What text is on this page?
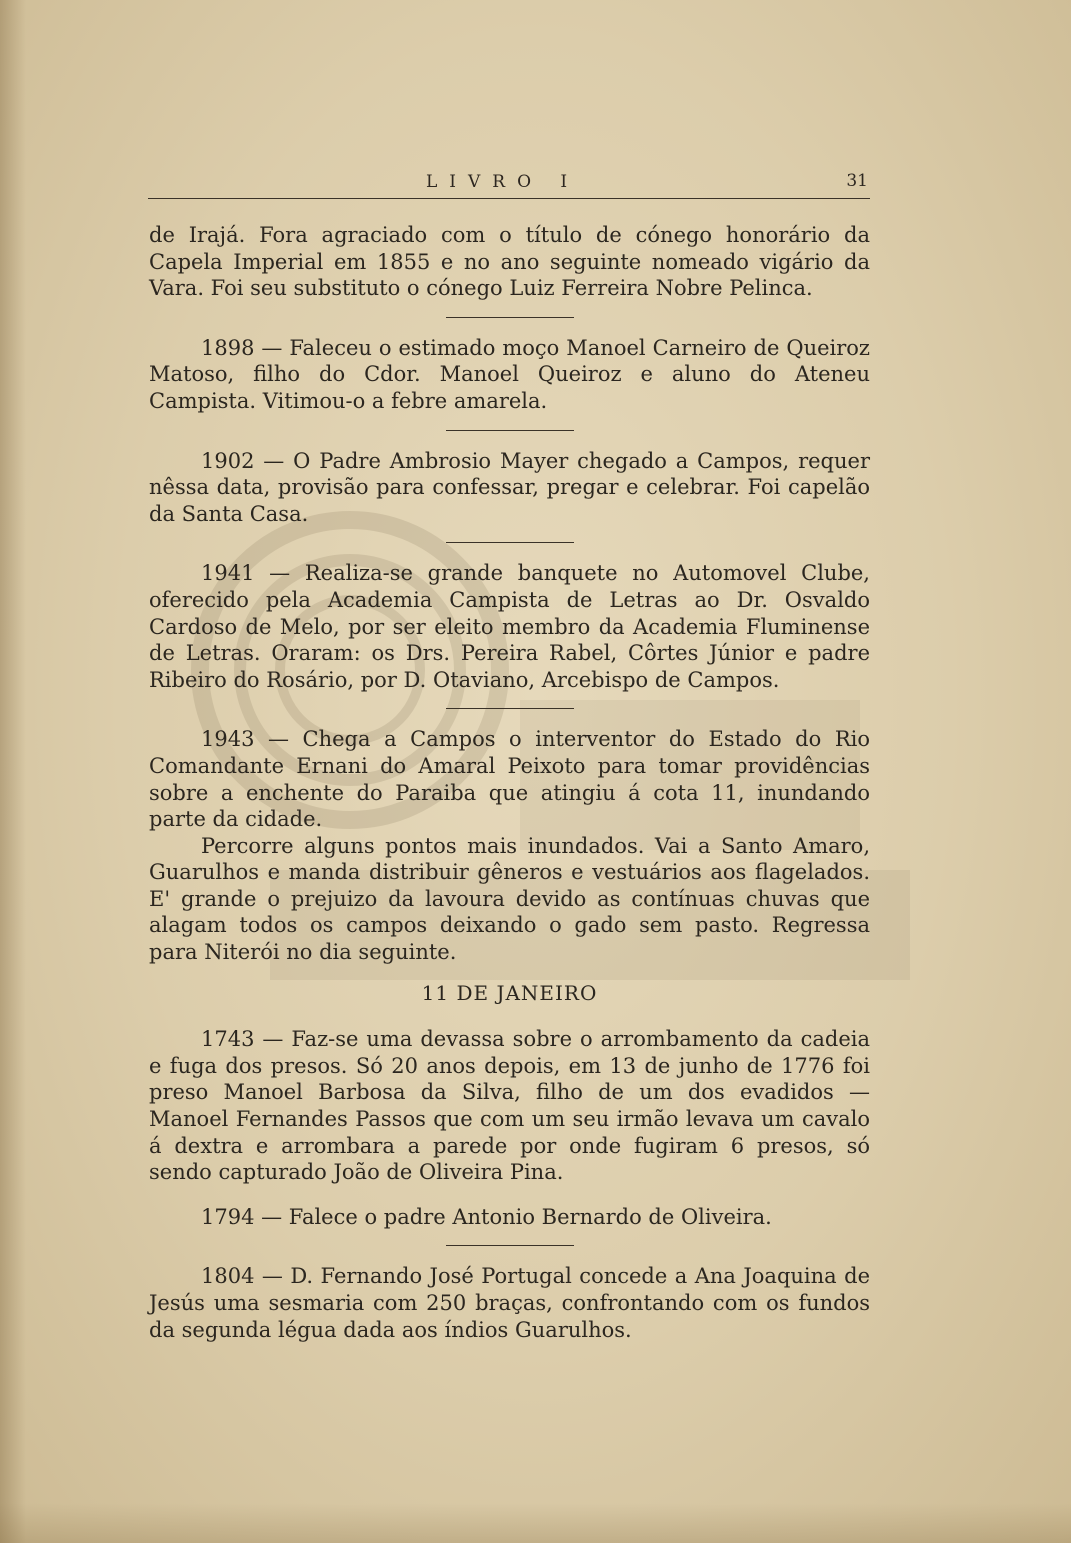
LIVRO I	31

de Irajá. Fora agraciado com o título de cónego honorário da Capela Imperial em 1855 e no ano seguinte nomeado vigário da Vara. Foi seu substituto o cónego Luiz Ferreira Nobre Pelinca.

1898 — Faleceu o estimado moço Manoel Carneiro de Queiroz Matoso, filho do Cdor. Manoel Queiroz e aluno do Ateneu Campista. Vitimou-o a febre amarela.

1902 — O Padre Ambrosio Mayer chegado a Campos, requer nêssa data, provisão para confessar, pregar e celebrar. Foi capelão da Santa Casa.

1941 — Realiza-se grande banquete no Automovel Clube, oferecido pela Academia Campista de Letras ao Dr. Osvaldo Cardoso de Melo, por ser eleito membro da Academia Fluminense de Letras. Oraram: os Drs. Pereira Rabel, Côrtes Júnior e padre Ribeiro do Rosário, por D. Otaviano, Arcebispo de Campos.

1943 — Chega a Campos o interventor do Estado do Rio Comandante Ernani do Amaral Peixoto para tomar providências sobre a enchente do Paraiba que atingiu á cota 11, inundando parte da cidade.

Percorre alguns pontos mais inundados. Vai a Santo Amaro, Guarulhos e manda distribuir gêneros e vestuários aos flagelados. E' grande o prejuizo da lavoura devido as contínuas chuvas que alagam todos os campos deixando o gado sem pasto. Regressa para Niterói no dia seguinte.

11 DE JANEIRO

1743 — Faz-se uma devassa sobre o arrombamento da cadeia e fuga dos presos. Só 20 anos depois, em 13 de junho de 1776 foi preso Manoel Barbosa da Silva, filho de um dos evadidos — Manoel Fernandes Passos que com um seu irmão levava um cavalo á dextra e arrombara a parede por onde fugiram 6 presos, só sendo capturado João de Oliveira Pina.

1794 — Falece o padre Antonio Bernardo de Oliveira.

1804 — D. Fernando José Portugal concede a Ana Joaquina de Jesús uma sesmaria com 250 braças, confrontando com os fundos da segunda légua dada aos índios Guarulhos.
